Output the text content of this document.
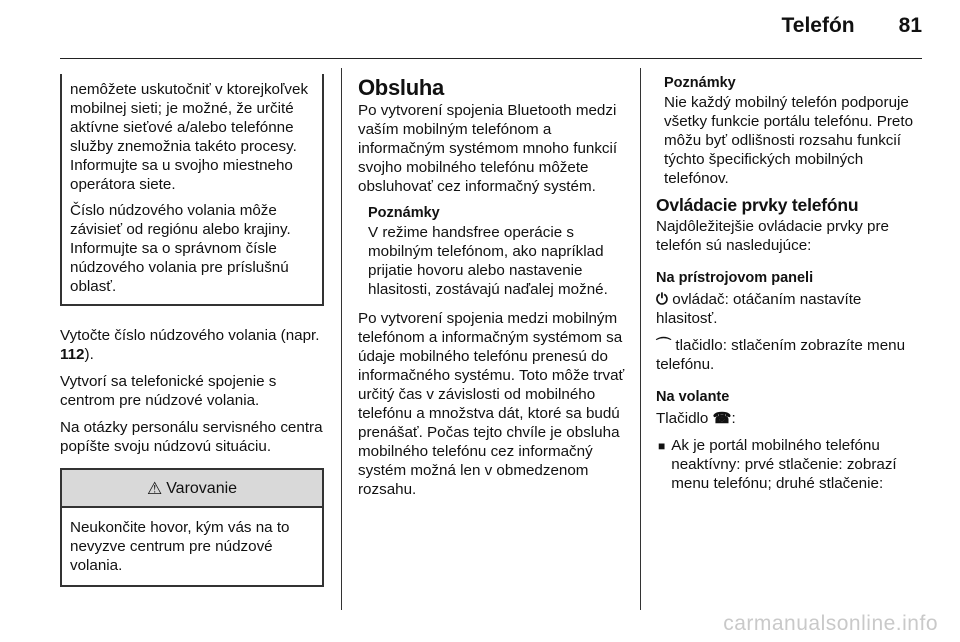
Telefón 81

nemôžete uskutočniť v ktorejkoľvek mobilnej sieti; je možné, že určité aktívne sieťové a/alebo telefónne služby znemožnia takéto procesy. Informujte sa u svojho miestneho operátora siete.

Číslo núdzového volania môže závisieť od regiónu alebo krajiny. Informujte sa o správnom čísle núdzového volania pre príslušnú oblasť.

Vytočte číslo núdzového volania (napr. 112).

Vytvorí sa telefonické spojenie s centrom pre núdzové volania.

Na otázky personálu servisného centra popíšte svoju núdzovú situáciu.

⚠ Varovanie
Neukončite hovor, kým vás na to nevyzve centrum pre núdzové volania.
Obsluha

Po vytvorení spojenia Bluetooth medzi vaším mobilným telefónom a informačným systémom mnoho funkcií svojho mobilného telefónu môžete obsluhovať cez informačný systém.

Poznámky
V režime handsfree operácie s mobilným telefónom, ako napríklad prijatie hovoru alebo nastavenie hlasitosti, zostávajú naďalej možné.

Po vytvorení spojenia medzi mobilným telefónom a informačným systémom sa údaje mobilného telefónu prenesú do informačného systému. Toto môže trvať určitý čas v závislosti od mobilného telefónu a množstva dát, ktoré sa budú prenášať. Počas tejto chvíle je obsluha mobilného telefónu cez informačný systém možná len v obmedzenom rozsahu.

Poznámky
Nie každý mobilný telefón podporuje všetky funkcie portálu telefónu. Preto môžu byť odlišnosti rozsahu funkcií týchto špecifických mobilných telefónov.
Ovládacie prvky telefónu

Najdôležitejšie ovládacie prvky pre telefón sú nasledujúce:

Na prístrojovom paneli

⏻ ovládač: otáčaním nastavíte hlasitosť.

⌒ tlačidlo: stlačením zobrazíte menu telefónu.

Na volante

Tlačidlo ☎:

■ Ak je portál mobilného telefónu neaktívny: prvé stlačenie: zobrazí menu telefónu; druhé stlačenie:
carmanualsonline.info
